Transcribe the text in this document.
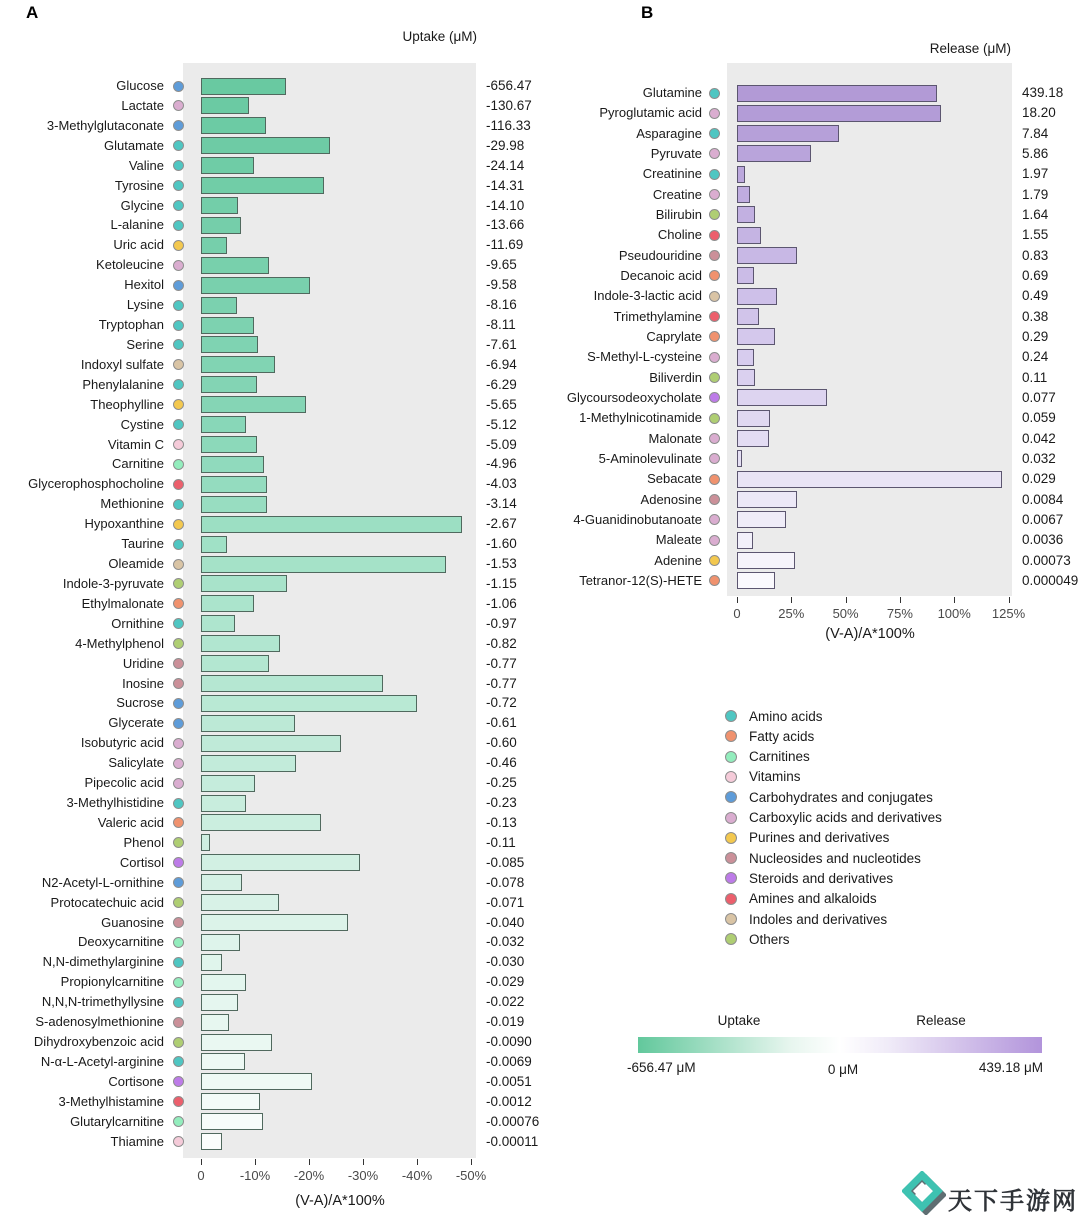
A	B
Uptake (μM)
Release (μM)
(V-A)/A*100%
(V-A)/A*100%
Uptake	Release
-656.47 μM	0 μM	439.18 μM
天下手游网
Glucose	-656.47
Lactate	-130.67
3-Methylglutaconate	-116.33
Glutamate	-29.98
Valine	-24.14
Tyrosine	-14.31
Glycine	-14.10
L-alanine	-13.66
Uric acid	-11.69
Ketoleucine	-9.65
Hexitol	-9.58
Lysine	-8.16
Tryptophan	-8.11
Serine	-7.61
Indoxyl sulfate	-6.94
Phenylalanine	-6.29
Theophylline	-5.65
Cystine	-5.12
Vitamin C	-5.09
Carnitine	-4.96
Glycerophosphocholine	-4.03
Methionine	-3.14
Hypoxanthine	-2.67
Taurine	-1.60
Oleamide	-1.53
Indole-3-pyruvate	-1.15
Ethylmalonate	-1.06
Ornithine	-0.97
4-Methylphenol	-0.82
Uridine	-0.77
Inosine	-0.77
Sucrose	-0.72
Glycerate	-0.61
Isobutyric acid	-0.60
Salicylate	-0.46
Pipecolic acid	-0.25
3-Methylhistidine	-0.23
Valeric acid	-0.13
Phenol	-0.11
Cortisol	-0.085
N2-Acetyl-L-ornithine	-0.078
Protocatechuic acid	-0.071
Guanosine	-0.040
Deoxycarnitine	-0.032
N,N-dimethylarginine	-0.030
Propionylcarnitine	-0.029
N,N,N-trimethyllysine	-0.022
S-adenosylmethionine	-0.019
Dihydroxybenzoic acid	-0.0090
N-α-L-Acetyl-arginine	-0.0069
Cortisone	-0.0051
3-Methylhistamine	-0.0012
Glutarylcarnitine	-0.00076
Thiamine	-0.00011
0	-10% -20% -30% -40% -50%
Glutamine	439.18
Pyroglutamic acid	18.20
Asparagine	7.84
Pyruvate	5.86
Creatinine	1.97
Creatine	1.79
Bilirubin	1.64
Choline	1.55
Pseudouridine	0.83
Decanoic acid	0.69
Indole-3-lactic acid	0.49
Trimethylamine	0.38
Caprylate	0.29
S-Methyl-L-cysteine	0.24
Biliverdin	0.11
Glycoursodeoxycholate	0.077
1-Methylnicotinamide	0.059
Malonate	0.042
5-Aminolevulinate	0.032
Sebacate	0.029
Adenosine	0.0084
4-Guanidinobutanoate	0.0067
Maleate	0.0036
Adenine	0.00073
Tetranor-12(S)-HETE	0.000049
0	25% 50% 75% 100% 125%
Amino acids
Fatty acids
Carnitines
Vitamins
Carbohydrates and conjugates
Carboxylic acids and derivatives
Purines and derivatives
Nucleosides and nucleotides
Steroids and derivatives
Amines and alkaloids
Indoles and derivatives
Others
